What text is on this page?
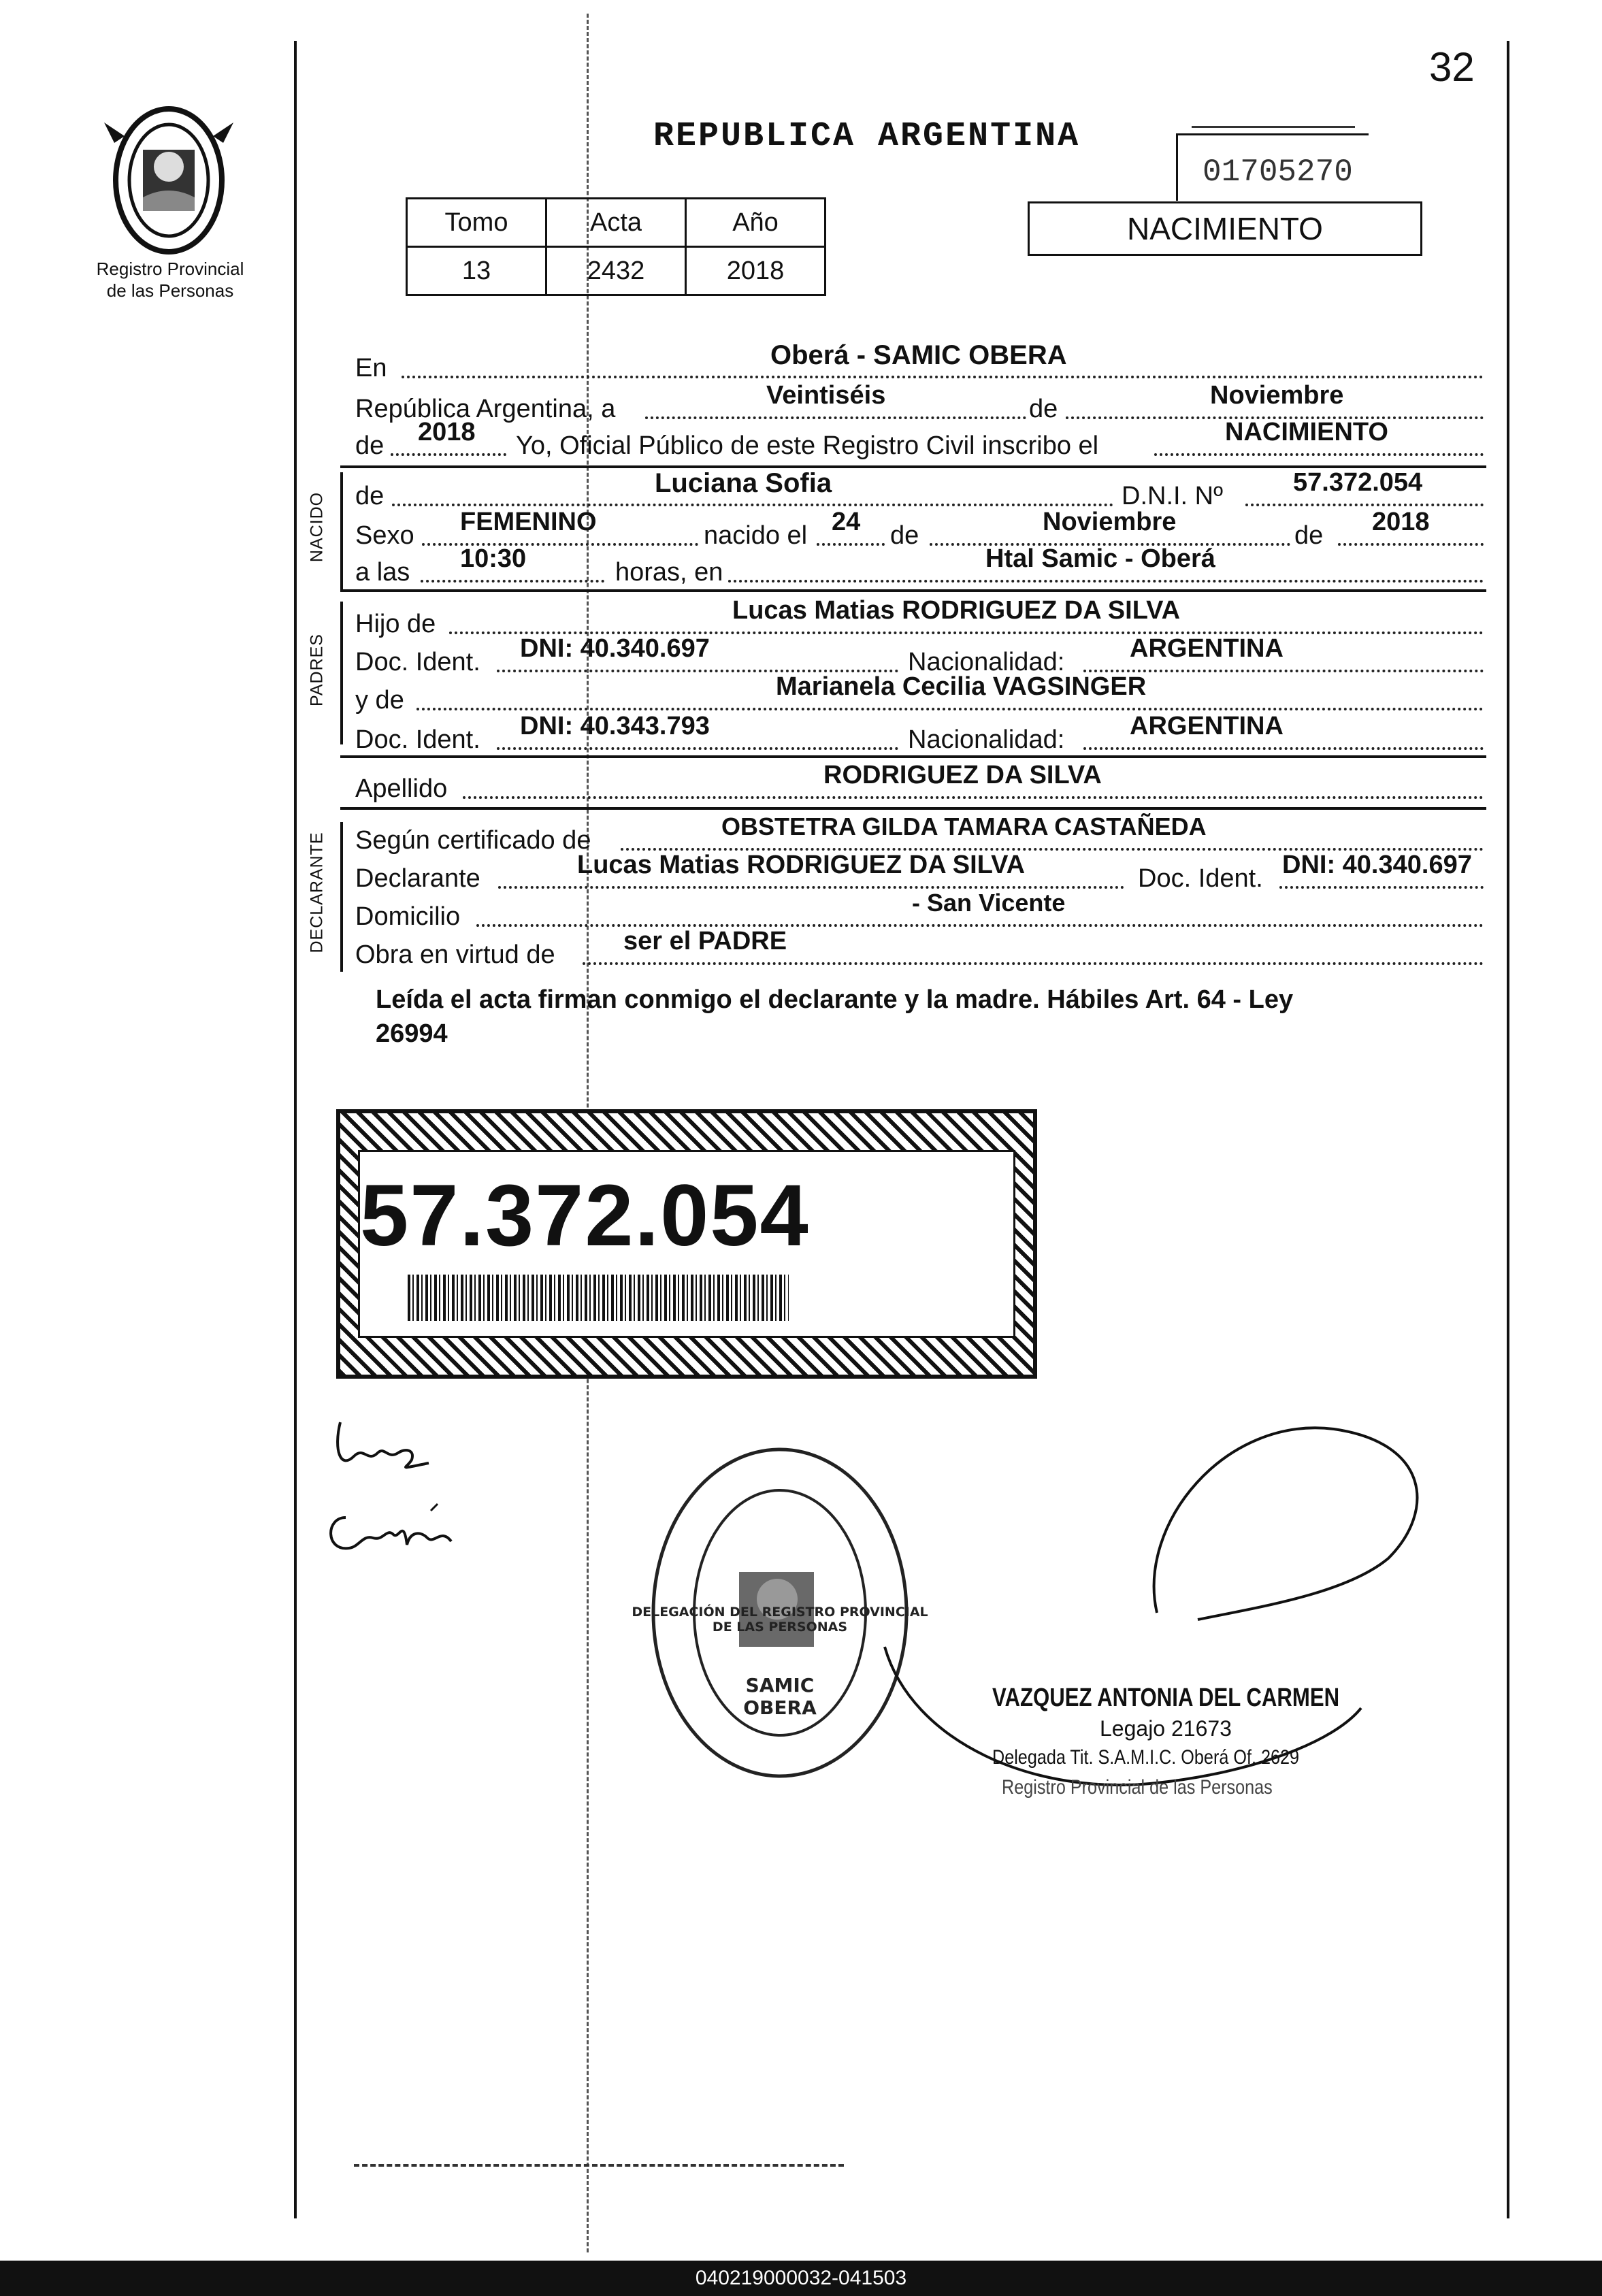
32
Registro Provincial
de las Personas
REPUBLICA ARGENTINA
01705270
NACIMIENTO
Tomo	Acta	Año
13	2432	2018
En	Oberá - SAMIC OBERA
República Argentina, a	Veintiséis	de	Noviembre
de 2018 Yo, Oficial Público de este Registro Civil inscribo el	NACIMIENTO
NACIDO de	Luciana Sofia	D.N.I. Nº	57.372.054
Sexo FEMENINO	nacido el 24 de	Noviembre	de 2018
a las 10:30	horas, en	Htal Samic - Oberá
PADRES
Hijo de	Lucas Matias RODRIGUEZ DA SILVA
Doc. Ident. DNI: 40.340.697	Nacionalidad:	ARGENTINA
y de	Marianela Cecilia VAGSINGER
Doc. Ident. DNI: 40.343.793	Nacionalidad:	ARGENTINA
Apellido	RODRIGUEZ DA SILVA
DECLARANTE Según certificado de	OBSTETRA GILDA TAMARA CASTAÑEDA
Declarante	Lucas Matias RODRIGUEZ DA SILVA	Doc. Ident. DNI: 40.340.697
Domicilio	- San Vicente
Obra en virtud de	ser el PADRE
Leída el acta firman conmigo el declarante y la madre. Hábiles Art. 64 - Ley
26994
57.372.054
DELEGACIÓN DEL REGISTRO PROVINCIAL DE LAS PERSONAS
SAMIC OBERA	VAZQUEZ ANTONIA DEL CARMEN
Legajo 21673
Delegada Tit. S.A.M.I.C. Oberá Of. 2629
Registro Provincial de las Personas
040219000032-041503
